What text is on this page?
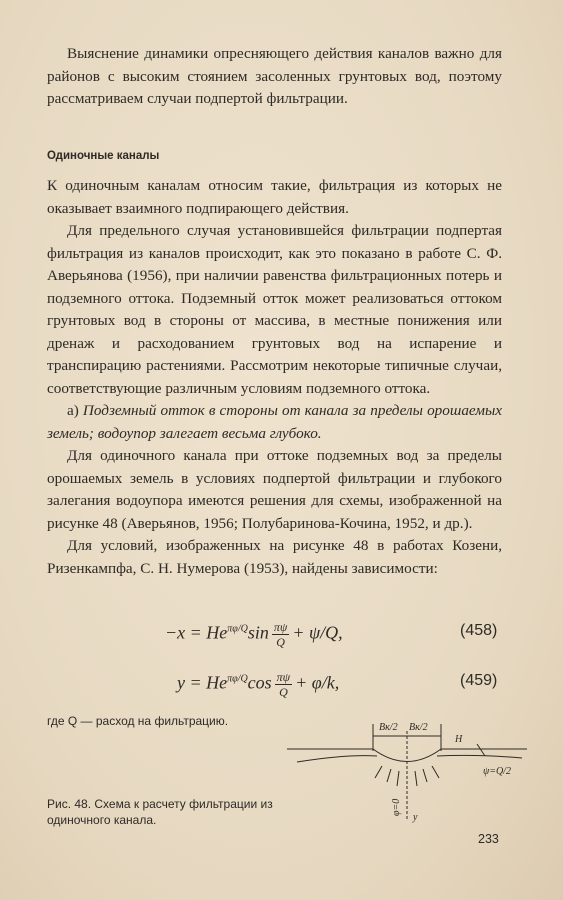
Выяснение динамики опресняющего действия каналов важно для районов с высоким стоянием засоленных грунтовых вод, поэтому рассматриваем случаи подпертой фильтрации.

Одиночные каналы

К одиночным каналам относим такие, фильтрация из которых не оказывает взаимного подпирающего действия.

Для предельного случая установившейся фильтрации подпертая фильтрация из каналов происходит, как это показано в работе С. Ф. Аверьянова (1956), при наличии равенства фильтрационных потерь и подземного оттока. Подземный отток может реализоваться оттоком грунтовых вод в стороны от массива, в местные понижения или дренаж и расходованием грунтовых вод на испарение и транспирацию растениями. Рассмотрим некоторые типичные случаи, соответствующие различным условиям подземного оттока.

а) Подземный отток в стороны от канала за пределы орошаемых земель; водоупор залегает весьма глубоко.

Для одиночного канала при оттоке подземных вод за пределы орошаемых земель в условиях подпертой фильтрации и глубокого залегания водоупора имеются решения для схемы, изображенной на рисунке 48 (Аверьянов, 1956; Полубаринова-Кочина, 1952, и др.).

Для условий, изображенных на рисунке 48 в работах Козени, Ризенкампфа, С. Н. Нумерова (1953), найдены зависимости:

$-x = He^{\pi\varphi/Q}\sin \frac{\pi\psi}{Q} + \psi/Q$,	(458)
$y = He^{\pi\varphi/Q}\cos \frac{\pi\psi}{Q} + \varphi/k$,	(459)
где Q — расход на фильтрацию.	Bк/2 Bк/2
H
ψ=Q/2
φ=0
y
Рис. 48. Схема к расчету фильтрации из одиночного канала.
233
